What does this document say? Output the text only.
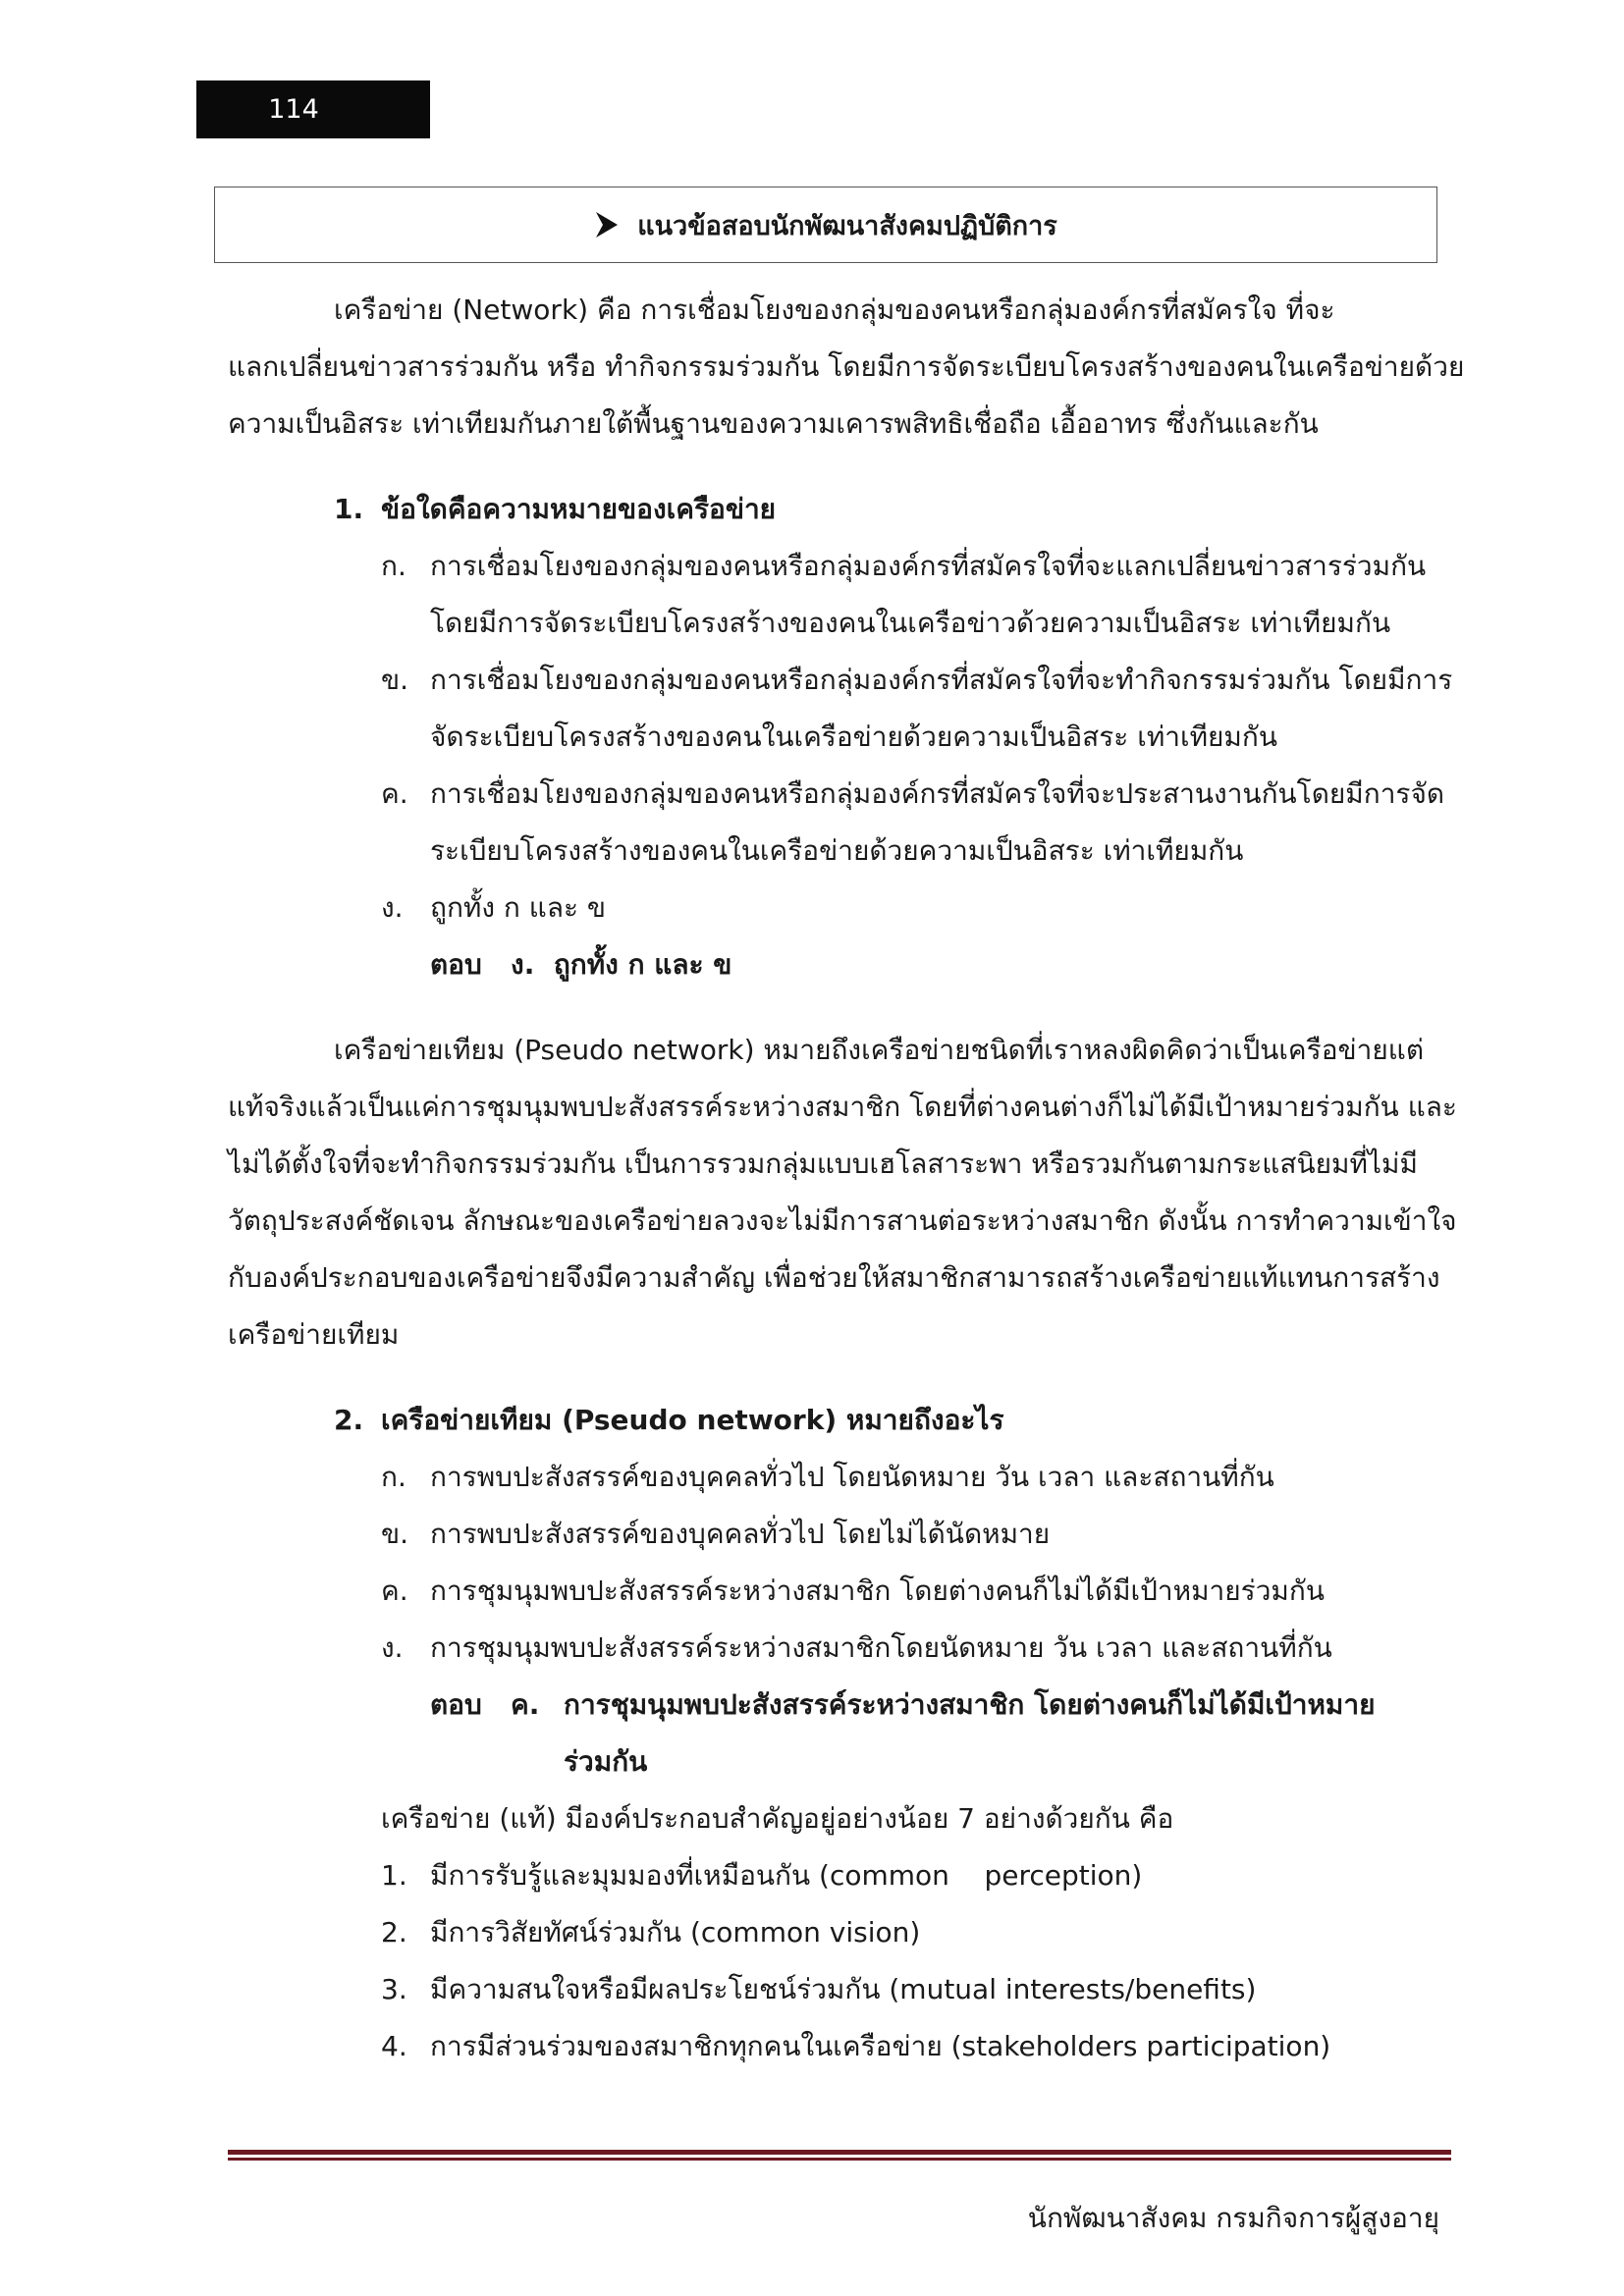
114
แนวข้อสอบนักพัฒนาสังคมปฏิบัติการ
เครือข่าย (Network) คือ การเชื่อมโยงของกลุ่มของคนหรือกลุ่มองค์กรที่สมัครใจ ที่จะ
แลกเปลี่ยนข่าวสารร่วมกัน หรือ ทำกิจกรรมร่วมกัน โดยมีการจัดระเบียบโครงสร้างของคนในเครือข่ายด้วย
ความเป็นอิสระ เท่าเทียมกันภายใต้พื้นฐานของความเคารพสิทธิเชื่อถือ เอื้ออาทร ซึ่งกันและกัน
1. ข้อใดคือความหมายของเครือข่าย
ก. การเชื่อมโยงของกลุ่มของคนหรือกลุ่มองค์กรที่สมัครใจที่จะแลกเปลี่ยนข่าวสารร่วมกัน
โดยมีการจัดระเบียบโครงสร้างของคนในเครือข่าวด้วยความเป็นอิสระ เท่าเทียมกัน
ข. การเชื่อมโยงของกลุ่มของคนหรือกลุ่มองค์กรที่สมัครใจที่จะทำกิจกรรมร่วมกัน โดยมีการ
จัดระเบียบโครงสร้างของคนในเครือข่ายด้วยความเป็นอิสระ เท่าเทียมกัน
ค. การเชื่อมโยงของกลุ่มของคนหรือกลุ่มองค์กรที่สมัครใจที่จะประสานงานกันโดยมีการจัด
ระเบียบโครงสร้างของคนในเครือข่ายด้วยความเป็นอิสระ เท่าเทียมกัน
ง. ถูกทั้ง ก และ ข
ตอบ   ง.  ถูกทั้ง ก และ ข
เครือข่ายเทียม (Pseudo network) หมายถึงเครือข่ายชนิดที่เราหลงผิดคิดว่าเป็นเครือข่ายแต่
แท้จริงแล้วเป็นแค่การชุมนุมพบปะสังสรรค์ระหว่างสมาชิก โดยที่ต่างคนต่างก็ไม่ได้มีเป้าหมายร่วมกัน และ
ไม่ได้ตั้งใจที่จะทำกิจกรรมร่วมกัน เป็นการรวมกลุ่มแบบเฮโลสาระพา หรือรวมกันตามกระแสนิยมที่ไม่มี
วัตถุประสงค์ชัดเจน ลักษณะของเครือข่ายลวงจะไม่มีการสานต่อระหว่างสมาชิก ดังนั้น การทำความเข้าใจ
กับองค์ประกอบของเครือข่ายจึงมีความสำคัญ เพื่อช่วยให้สมาชิกสามารถสร้างเครือข่ายแท้แทนการสร้าง
เครือข่ายเทียม
2. เครือข่ายเทียม (Pseudo network) หมายถึงอะไร
ก. การพบปะสังสรรค์ของบุคคลทั่วไป โดยนัดหมาย วัน เวลา และสถานที่กัน
ข. การพบปะสังสรรค์ของบุคคลทั่วไป โดยไม่ได้นัดหมาย
ค. การชุมนุมพบปะสังสรรค์ระหว่างสมาชิก โดยต่างคนก็ไม่ได้มีเป้าหมายร่วมกัน
ง. การชุมนุมพบปะสังสรรค์ระหว่างสมาชิกโดยนัดหมาย วัน เวลา และสถานที่กัน
ตอบ   ค. การชุมนุมพบปะสังสรรค์ระหว่างสมาชิก โดยต่างคนก็ไม่ได้มีเป้าหมาย
ร่วมกัน
เครือข่าย (แท้) มีองค์ประกอบสำคัญอยู่อย่างน้อย 7 อย่างด้วยกัน คือ
1. มีการรับรู้และมุมมองที่เหมือนกัน (common    perception)
2. มีการวิสัยทัศน์ร่วมกัน (common vision)
3. มีความสนใจหรือมีผลประโยชน์ร่วมกัน (mutual interests/benefits)
4. การมีส่วนร่วมของสมาชิกทุกคนในเครือข่าย (stakeholders participation)
นักพัฒนาสังคม กรมกิจการผู้สูงอายุ
